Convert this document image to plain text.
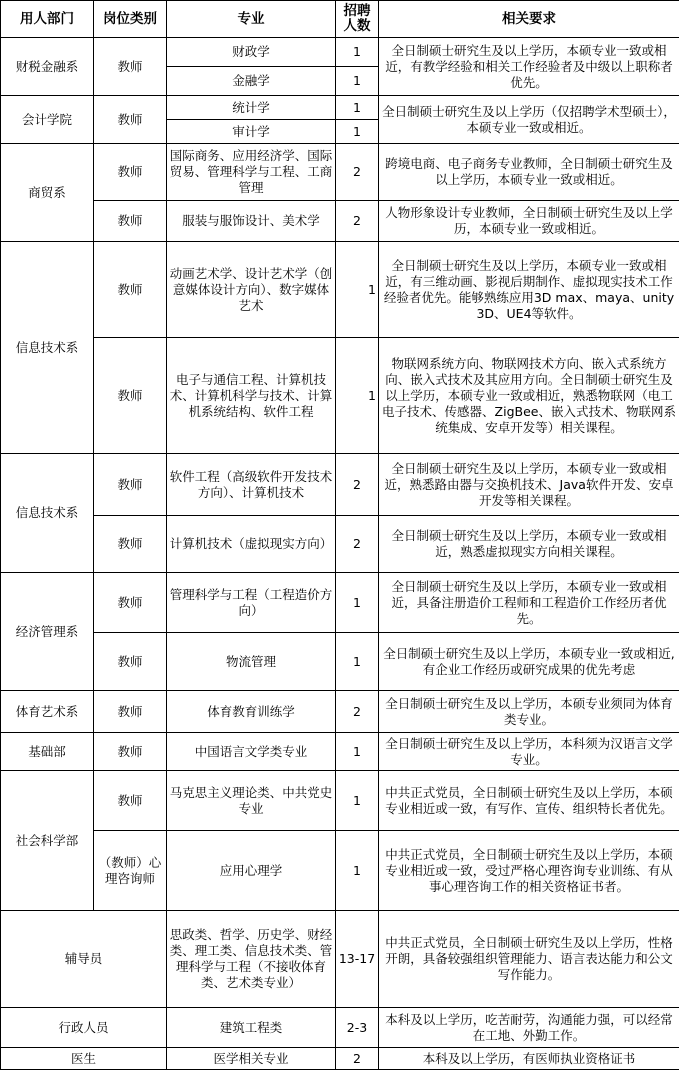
用人部门	岗位类别	专业	招聘人数	相关要求
财税金融系	教师	财政学	1	全日制硕士研究生及以上学历，本硕专业一致或相近，有教学经验和相关工作经验者及中级以上职称者优先。
		金融学	1	
会计学院	教师	统计学	1	全日制硕士研究生及以上学历（仅招聘学术型硕士），本硕专业一致或相近。
		审计学	1	
商贸系	教师	国际商务、应用经济学、国际贸易、管理科学与工程、工商管理	2	跨境电商、电子商务专业教师，全日制硕士研究生及以上学历，本硕专业一致或相近。
	教师	服装与服饰设计、美术学	2	人物形象设计专业教师，全日制硕士研究生及以上学历，本硕专业一致或相近。
信息技术系	教师	动画艺术学、设计艺术学（创意媒体设计方向）、数字媒体艺术	1	全日制硕士研究生及以上学历，本硕专业一致或相近，有三维动画、影视后期制作、虚拟现实技术工作经验者优先。能够熟练应用3D max、maya、unity3D、UE4等软件。
	教师	电子与通信工程、计算机技术、计算机科学与技术、计算机系统结构、软件工程	1	物联网系统方向、物联网技术方向、嵌入式系统方向、嵌入式技术及其应用方向。全日制硕士研究生及以上学历，本硕专业一致或相近，熟悉物联网（电工电子技术、传感器、ZigBee、嵌入式技术、物联网系统集成、安卓开发等）相关课程。
信息技术系	教师	软件工程（高级软件开发技术方向）、计算机技术	2	全日制硕士研究生及以上学历，本硕专业一致或相近，熟悉路由器与交换机技术、Java软件开发、安卓开发等相关课程。
	教师	计算机技术（虚拟现实方向）	2	全日制硕士研究生及以上学历，本硕专业一致或相近，熟悉虚拟现实方向相关课程。
经济管理系	教师	管理科学与工程（工程造价方向）	1	全日制硕士研究生及以上学历，本硕专业一致或相近，具备注册造价工程师和工程造价工作经历者优先。
	教师	物流管理	1	全日制硕士研究生及以上学历，本硕专业一致或相近,有企业工作经历或研究成果的优先考虑
体育艺术系	教师	体育教育训练学	2	全日制硕士研究生及以上学历，本硕专业须同为体育类专业。
基础部	教师	中国语言文学类专业	1	全日制硕士研究生及以上学历，本科须为汉语言文学专业。
社会科学部	教师	马克思主义理论类、中共党史专业	1	中共正式党员，全日制硕士研究生及以上学历，本硕专业相近或一致，有写作、宣传、组织特长者优先。
	（教师）心理咨询师	应用心理学	1	中共正式党员，全日制硕士研究生及以上学历，本硕专业相近或一致，受过严格心理咨询专业训练、有从事心理咨询工作的相关资格证书者。
辅导员		思政类、哲学、历史学、财经类、理工类、信息技术类、管理科学与工程（不接收体育类、艺术类专业）	13-17	中共正式党员，全日制硕士研究生及以上学历，性格开朗，具备较强组织管理能力、语言表达能力和公文写作能力。
行政人员		建筑工程类	2-3	本科及以上学历，吃苦耐劳，沟通能力强，可以经常在工地、外勤工作。
医生		医学相关专业	2	本科及以上学历，有医师执业资格证书
